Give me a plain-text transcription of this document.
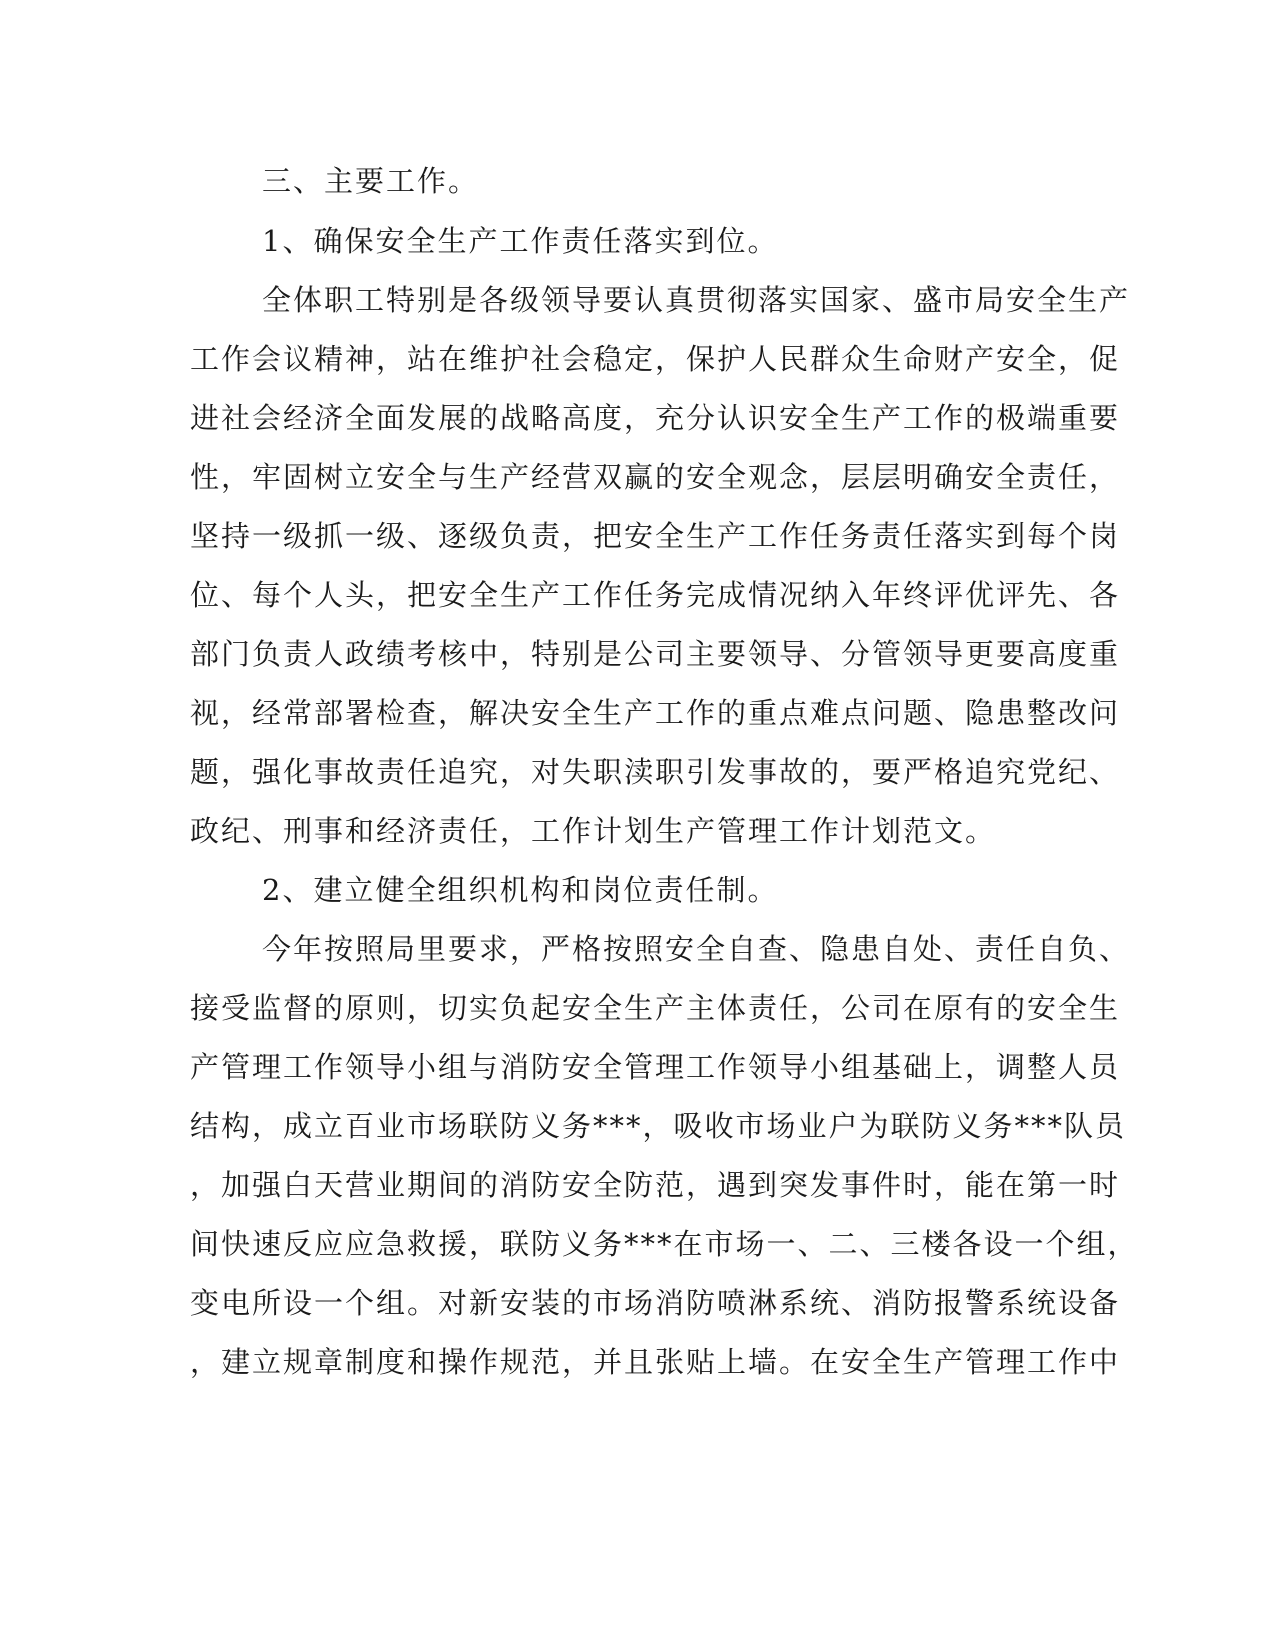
三、主要工作。
1、确保安全生产工作责任落实到位。
全体职工特别是各级领导要认真贯彻落实国家、盛市局安全生产
工作会议精神，站在维护社会稳定，保护人民群众生命财产安全，促
进社会经济全面发展的战略高度，充分认识安全生产工作的极端重要
性，牢固树立安全与生产经营双赢的安全观念，层层明确安全责任，
坚持一级抓一级、逐级负责，把安全生产工作任务责任落实到每个岗
位、每个人头，把安全生产工作任务完成情况纳入年终评优评先、各
部门负责人政绩考核中，特别是公司主要领导、分管领导更要高度重
视，经常部署检查，解决安全生产工作的重点难点问题、隐患整改问
题，强化事故责任追究，对失职渎职引发事故的，要严格追究党纪、
政纪、刑事和经济责任，工作计划生产管理工作计划范文。
2、建立健全组织机构和岗位责任制。
今年按照局里要求，严格按照安全自查、隐患自处、责任自负、
接受监督的原则，切实负起安全生产主体责任，公司在原有的安全生
产管理工作领导小组与消防安全管理工作领导小组基础上，调整人员
结构，成立百业市场联防义务***，吸收市场业户为联防义务***队员
，加强白天营业期间的消防安全防范，遇到突发事件时，能在第一时
间快速反应应急救援，联防义务***在市场一、二、三楼各设一个组，
变电所设一个组。对新安装的市场消防喷淋系统、消防报警系统设备
，建立规章制度和操作规范，并且张贴上墙。在安全生产管理工作中
